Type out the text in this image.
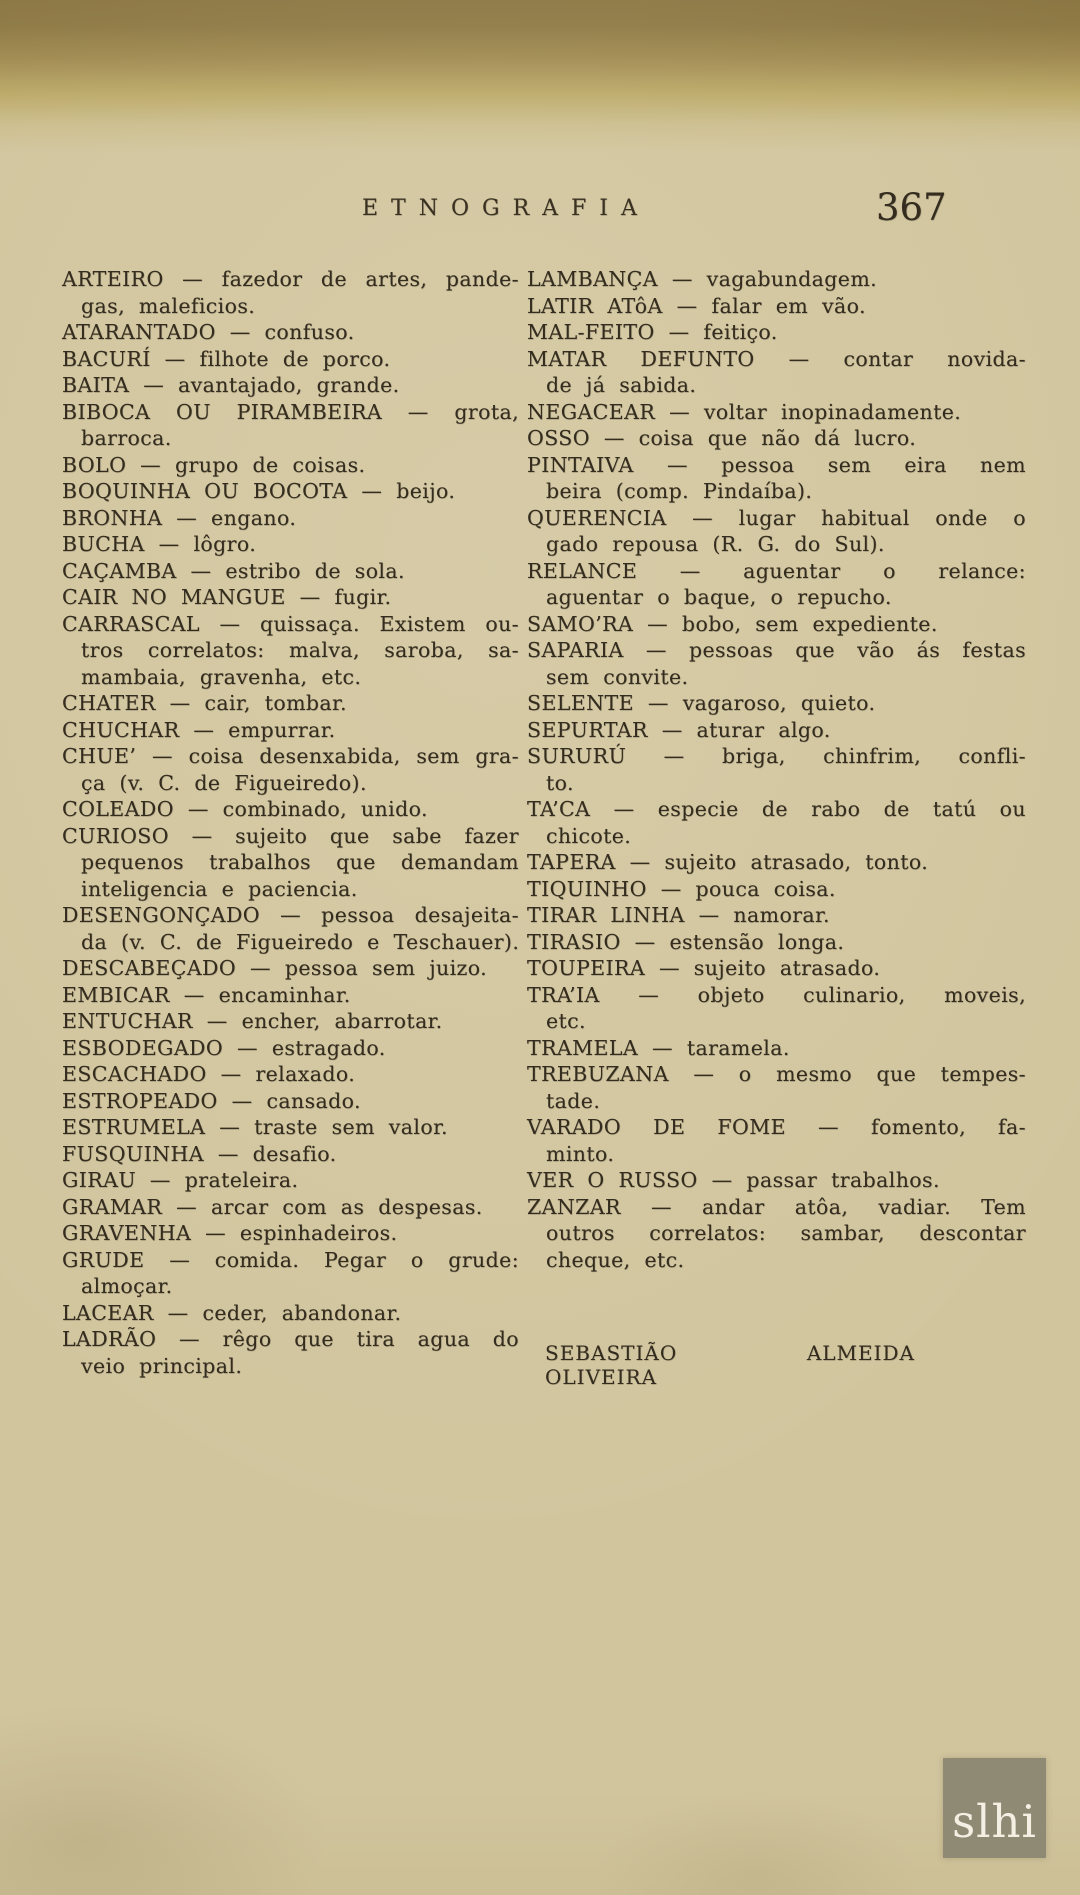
ETNOGRAFIA	367
ARTEIRO — fazedor de artes, pande-
gas, maleficios.
ATARANTADO — confuso.
BACURÍ — filhote de porco.
BAITA — avantajado, grande.
BIBOCA OU PIRAMBEIRA — grota,
barroca.
BOLO — grupo de coisas.
BOQUINHA OU BOCOTA — beijo.
BRONHA — engano.
BUCHA — lôgro.
CAÇAMBA — estribo de sola.
CAIR NO MANGUE — fugir.
CARRASCAL — quissaça. Existem ou-
tros correlatos: malva, saroba, sa-
mambaia, gravenha, etc.
CHATER — cair, tombar.
CHUCHAR — empurrar.
CHUE’ — coisa desenxabida, sem gra-
ça (v. C. de Figueiredo).
COLEADO — combinado, unido.
CURIOSO — sujeito que sabe fazer
pequenos trabalhos que demandam
inteligencia e paciencia.
DESENGONÇADO — pessoa desajeita-
da (v. C. de Figueiredo e Teschauer).
DESCABEÇADO — pessoa sem juizo.
EMBICAR — encaminhar.
ENTUCHAR — encher, abarrotar.
ESBODEGADO — estragado.
ESCACHADO — relaxado.
ESTROPEADO — cansado.
ESTRUMELA — traste sem valor.
FUSQUINHA — desafio.
GIRAU — prateleira.
GRAMAR — arcar com as despesas.
GRAVENHA — espinhadeiros.
GRUDE — comida. Pegar o grude:
almoçar.
LACEAR — ceder, abandonar.
LADRÃO — rêgo que tira agua do
veio principal.
LAMBANÇA — vagabundagem.
LATIR ATôA — falar em vão.
MAL-FEITO — feitiço.
MATAR DEFUNTO — contar novida-
de já sabida.
NEGACEAR — voltar inopinadamente.
OSSO — coisa que não dá lucro.
PINTAIVA — pessoa sem eira nem
beira (comp. Pindaíba).
QUERENCIA — lugar habitual onde o
gado repousa (R. G. do Sul).
RELANCE — aguentar o relance:
aguentar o baque, o repucho.
SAMO’RA — bobo, sem expediente.
SAPARIA — pessoas que vão ás festas
sem convite.
SELENTE — vagaroso, quieto.
SEPURTAR — aturar algo.
SURURÚ — briga, chinfrim, confli-
to.
TA’CA — especie de rabo de tatú ou
chicote.
TAPERA — sujeito atrasado, tonto.
TIQUINHO — pouca coisa.
TIRAR LINHA — namorar.
TIRASIO — estensão longa.
TOUPEIRA — sujeito atrasado.
TRA’IA — objeto culinario, moveis,
etc.
TRAMELA — taramela.
TREBUZANA — o mesmo que tempes-
tade.
VARADO DE FOME — fomento, fa-
minto.
VER O RUSSO — passar trabalhos.
ZANZAR — andar atôa, vadiar. Tem
outros correlatos: sambar, descontar
cheque, etc.
SEBASTIÃO ALMEIDA OLIVEIRA
slhi
